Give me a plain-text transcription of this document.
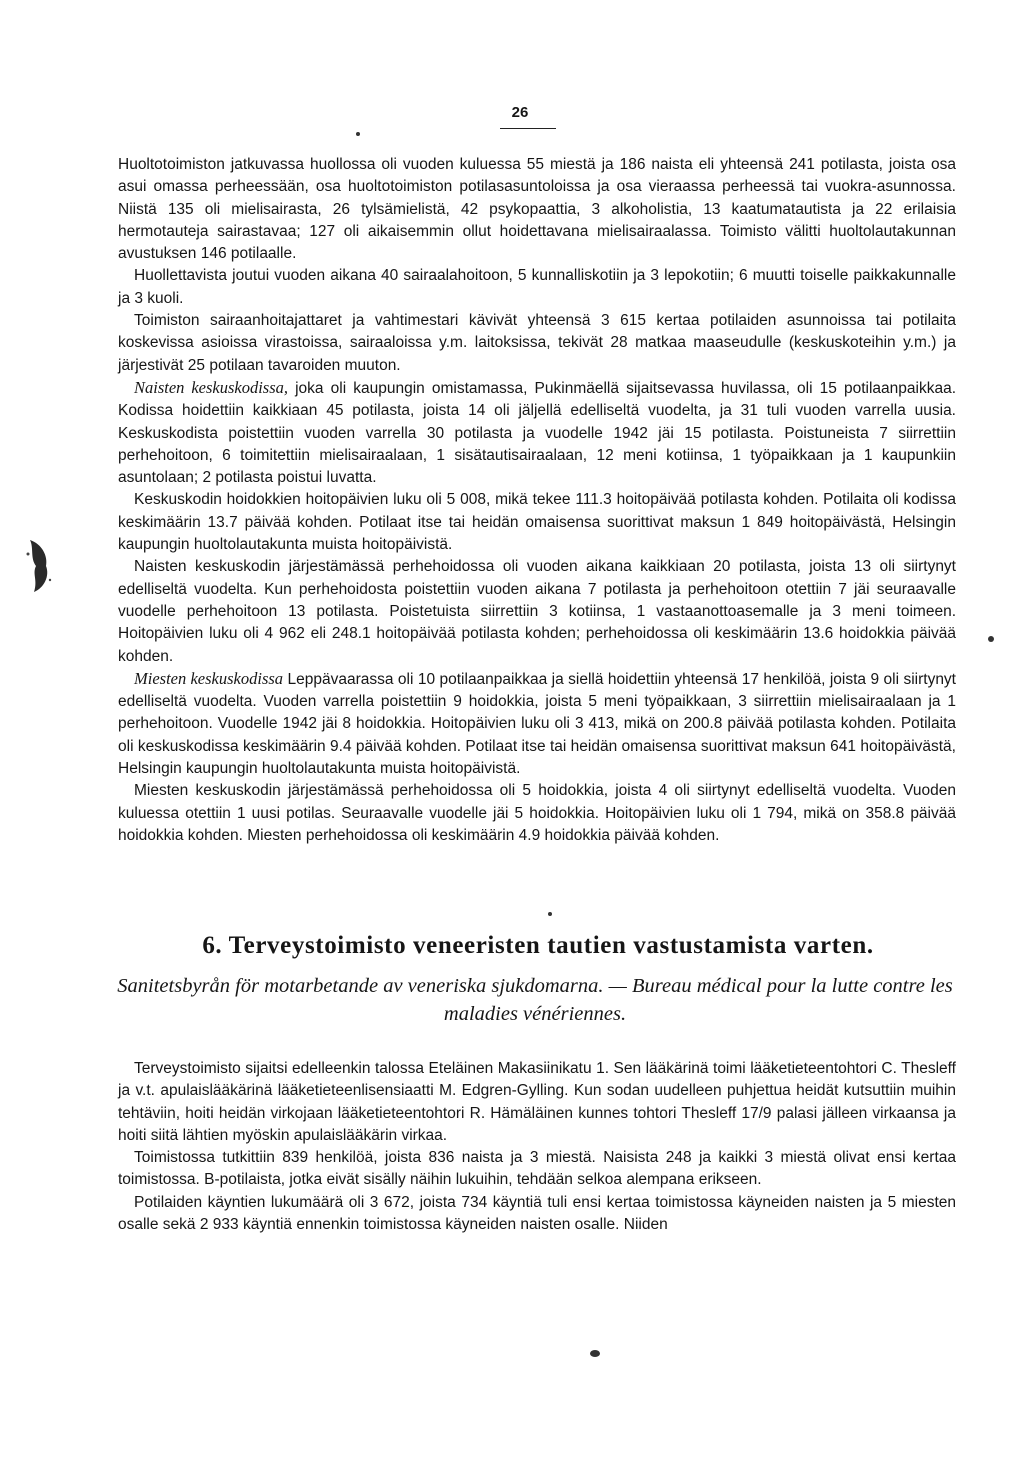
26

Huoltotoimiston jatkuvassa huollossa oli vuoden kuluessa 55 miestä ja 186 naista eli yhteensä 241 potilasta, joista osa asui omassa perheessään, osa huoltotoimiston potilasasuntoloissa ja osa vieraassa perheessä tai vuokra-asunnossa. Niistä 135 oli mielisairasta, 26 tylsämielistä, 42 psykopaattia, 3 alkoholistia, 13 kaatumatautista ja 22 erilaisia hermotauteja sairastavaa; 127 oli aikaisemmin ollut hoidettavana mielisairaalassa. Toimisto välitti huoltolautakunnan avustuksen 146 potilaalle.

Huollettavista joutui vuoden aikana 40 sairaalahoitoon, 5 kunnalliskotiin ja 3 lepokotiin; 6 muutti toiselle paikkakunnalle ja 3 kuoli.

Toimiston sairaanhoitajattaret ja vahtimestari kävivät yhteensä 3 615 kertaa potilaiden asunnoissa tai potilaita koskevissa asioissa virastoissa, sairaaloissa y.m. laitoksissa, tekivät 28 matkaa maaseudulle (keskuskoteihin y.m.) ja järjestivät 25 potilaan tavaroiden muuton.

Naisten keskuskodissa, joka oli kaupungin omistamassa, Pukinmäellä sijaitsevassa huvilassa, oli 15 potilaanpaikkaa. Kodissa hoidettiin kaikkiaan 45 potilasta, joista 14 oli jäljellä edelliseltä vuodelta, ja 31 tuli vuoden varrella uusia. Keskuskodista poistettiin vuoden varrella 30 potilasta ja vuodelle 1942 jäi 15 potilasta. Poistuneista 7 siirrettiin perhehoitoon, 6 toimitettiin mielisairaalaan, 1 sisätautisairaalaan, 12 meni kotiinsa, 1 työpaikkaan ja 1 kaupunkiin asuntolaan; 2 potilasta poistui luvatta.

Keskuskodin hoidokkien hoitopäivien luku oli 5 008, mikä tekee 111.3 hoitopäivää potilasta kohden. Potilaita oli kodissa keskimäärin 13.7 päivää kohden. Potilaat itse tai heidän omaisensa suorittivat maksun 1 849 hoitopäivästä, Helsingin kaupungin huoltolautakunta muista hoitopäivistä.

Naisten keskuskodin järjestämässä perhehoidossa oli vuoden aikana kaikkiaan 20 potilasta, joista 13 oli siirtynyt edelliseltä vuodelta. Kun perhehoidosta poistettiin vuoden aikana 7 potilasta ja perhehoitoon otettiin 7 jäi seuraavalle vuodelle perhehoitoon 13 potilasta. Poistetuista siirrettiin 3 kotiinsa, 1 vastaanottoasemalle ja 3 meni toimeen. Hoitopäivien luku oli 4 962 eli 248.1 hoitopäivää potilasta kohden; perhehoidossa oli keskimäärin 13.6 hoidokkia päivää kohden.

Miesten keskuskodissa Leppävaarassa oli 10 potilaanpaikkaa ja siellä hoidettiin yhteensä 17 henkilöä, joista 9 oli siirtynyt edelliseltä vuodelta. Vuoden varrella poistettiin 9 hoidokkia, joista 5 meni työpaikkaan, 3 siirrettiin mielisairaalaan ja 1 perhehoitoon. Vuodelle 1942 jäi 8 hoidokkia. Hoitopäivien luku oli 3 413, mikä on 200.8 päivää potilasta kohden. Potilaita oli keskuskodissa keskimäärin 9.4 päivää kohden. Potilaat itse tai heidän omaisensa suorittivat maksun 641 hoitopäivästä, Helsingin kaupungin huoltolautakunta muista hoitopäivistä.

Miesten keskuskodin järjestämässä perhehoidossa oli 5 hoidokkia, joista 4 oli siirtynyt edelliseltä vuodelta. Vuoden kuluessa otettiin 1 uusi potilas. Seuraavalle vuodelle jäi 5 hoidokkia. Hoitopäivien luku oli 1 794, mikä on 358.8 päivää hoidokkia kohden. Miesten perhehoidossa oli keskimäärin 4.9 hoidokkia päivää kohden.

6. Terveystoimisto veneeristen tautien vastustamista varten.
Sanitetsbyrån för motarbetande av veneriska sjukdomarna. — Bureau médical pour la lutte contre les maladies vénériennes.

Terveystoimisto sijaitsi edelleenkin talossa Eteläinen Makasiinikatu 1. Sen lääkärinä toimi lääketieteentohtori C. Thesleff ja v.t. apulaislääkärinä lääketieteenlisensiaatti M. Edgren-Gylling. Kun sodan uudelleen puhjettua heidät kutsuttiin muihin tehtäviin, hoiti heidän virkojaan lääketieteentohtori R. Hämäläinen kunnes tohtori Thesleff 17/9 palasi jälleen virkaansa ja hoiti siitä lähtien myöskin apulaislääkärin virkaa.

Toimistossa tutkittiin 839 henkilöä, joista 836 naista ja 3 miestä. Naisista 248 ja kaikki 3 miestä olivat ensi kertaa toimistossa. B-potilaista, jotka eivät sisälly näihin lukuihin, tehdään selkoa alempana erikseen.

Potilaiden käyntien lukumäärä oli 3 672, joista 734 käyntiä tuli ensi kertaa toimistossa käyneiden naisten ja 5 miesten osalle sekä 2 933 käyntiä ennenkin toimistossa käyneiden naisten osalle. Niiden
